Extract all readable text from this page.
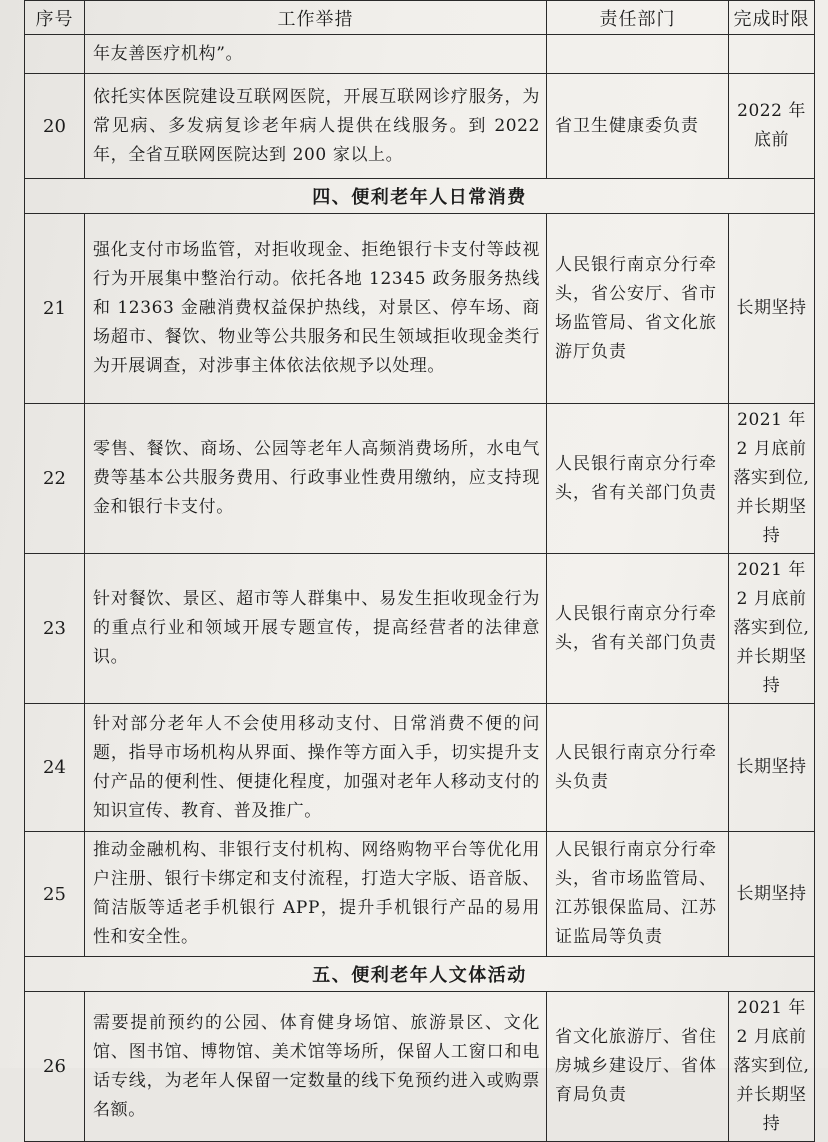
序号	工作举措	责任部门	完成时限
	年友善医疗机构”。		
20	依托实体医院建设互联网医院，开展互联网诊疗服务，为常见病、多发病复诊老年病人提供在线服务。到 2022 年，全省互联网医院达到 200 家以上。	省卫生健康委负责	2022 年底前
四、便利老年人日常消费			
21	强化支付市场监管，对拒收现金、拒绝银行卡支付等歧视行为开展集中整治行动。依托各地 12345 政务服务热线和 12363 金融消费权益保护热线，对景区、停车场、商场超市、餐饮、物业等公共服务和民生领域拒收现金类行为开展调查，对涉事主体依法依规予以处理。	人民银行南京分行牵头，省公安厅、省市场监管局、省文化旅游厅负责	长期坚持
22	零售、餐饮、商场、公园等老年人高频消费场所，水电气费等基本公共服务费用、行政事业性费用缴纳，应支持现金和银行卡支付。	人民银行南京分行牵头，省有关部门负责	2021 年 2 月底前落实到位,并长期坚持
23	针对餐饮、景区、超市等人群集中、易发生拒收现金行为的重点行业和领域开展专题宣传，提高经营者的法律意识。	人民银行南京分行牵头，省有关部门负责	2021 年 2 月底前落实到位,并长期坚持
24	针对部分老年人不会使用移动支付、日常消费不便的问题，指导市场机构从界面、操作等方面入手，切实提升支付产品的便利性、便捷化程度，加强对老年人移动支付的知识宣传、教育、普及推广。	人民银行南京分行牵头负责	长期坚持
25	推动金融机构、非银行支付机构、网络购物平台等优化用户注册、银行卡绑定和支付流程，打造大字版、语音版、简洁版等适老手机银行 APP，提升手机银行产品的易用性和安全性。	人民银行南京分行牵头，省市场监管局、江苏银保监局、江苏证监局等负责	长期坚持
五、便利老年人文体活动			
26	需要提前预约的公园、体育健身场馆、旅游景区、文化馆、图书馆、博物馆、美术馆等场所，保留人工窗口和电话专线，为老年人保留一定数量的线下免预约进入或购票名额。	省文化旅游厅、省住房城乡建设厅、省体育局负责	2021 年 2 月底前落实到位,并长期坚持
